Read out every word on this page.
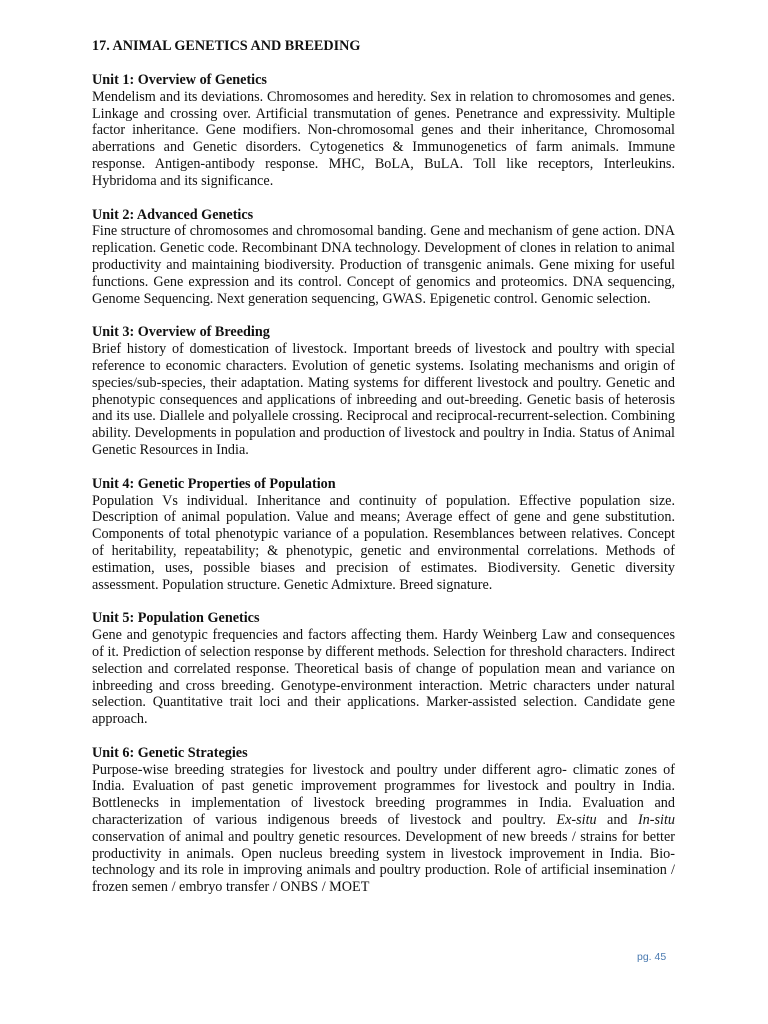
17. ANIMAL GENETICS AND BREEDING
Unit 1: Overview of Genetics
Mendelism and its deviations. Chromosomes and heredity. Sex in relation to chromosomes and genes. Linkage and crossing over. Artificial transmutation of genes. Penetrance and expressivity. Multiple factor inheritance. Gene modifiers. Non-chromosomal genes and their inheritance, Chromosomal aberrations and Genetic disorders. Cytogenetics & Immunogenetics of farm animals. Immune response. Antigen-antibody response. MHC, BoLA, BuLA. Toll like receptors, Interleukins. Hybridoma and its significance.
Unit 2: Advanced Genetics
Fine structure of chromosomes and chromosomal banding. Gene and mechanism of gene action. DNA replication. Genetic code. Recombinant DNA technology. Development of clones in relation to animal productivity and maintaining biodiversity. Production of transgenic animals. Gene mixing for useful functions. Gene expression and its control. Concept of genomics and proteomics. DNA sequencing, Genome Sequencing. Next generation sequencing, GWAS. Epigenetic control. Genomic selection.
Unit 3: Overview of Breeding
Brief history of domestication of livestock. Important breeds of livestock and poultry with special reference to economic characters. Evolution of genetic systems. Isolating mechanisms and origin of species/sub-species, their adaptation. Mating systems for different livestock and poultry. Genetic and phenotypic consequences and applications of inbreeding and out-breeding. Genetic basis of heterosis and its use. Diallele and polyallele crossing. Reciprocal and reciprocal-recurrent-selection. Combining ability. Developments in population and production of livestock and poultry in India. Status of Animal Genetic Resources in India.
Unit 4: Genetic Properties of Population
Population Vs individual. Inheritance and continuity of population. Effective population size. Description of animal population. Value and means; Average effect of gene and gene substitution. Components of total phenotypic variance of a population. Resemblances between relatives. Concept of heritability, repeatability; & phenotypic, genetic and environmental correlations. Methods of estimation, uses, possible biases and precision of estimates. Biodiversity. Genetic diversity assessment. Population structure. Genetic Admixture. Breed signature.
Unit 5: Population Genetics
Gene and genotypic frequencies and factors affecting them. Hardy Weinberg Law and consequences of it. Prediction of selection response by different methods. Selection for threshold characters. Indirect selection and correlated response. Theoretical basis of change of population mean and variance on inbreeding and cross breeding. Genotype-environment interaction. Metric characters under natural selection. Quantitative trait loci and their applications. Marker-assisted selection. Candidate gene approach.
Unit 6: Genetic Strategies
Purpose-wise breeding strategies for livestock and poultry under different agro- climatic zones of India. Evaluation of past genetic improvement programmes for livestock and poultry in India. Bottlenecks in implementation of livestock breeding programmes in India. Evaluation and characterization of various indigenous breeds of livestock and poultry. Ex-situ and In-situ conservation of animal and poultry genetic resources. Development of new breeds / strains for better productivity in animals. Open nucleus breeding system in livestock improvement in India. Bio-technology and its role in improving animals and poultry production. Role of artificial insemination / frozen semen / embryo transfer / ONBS / MOET
pg. 45
